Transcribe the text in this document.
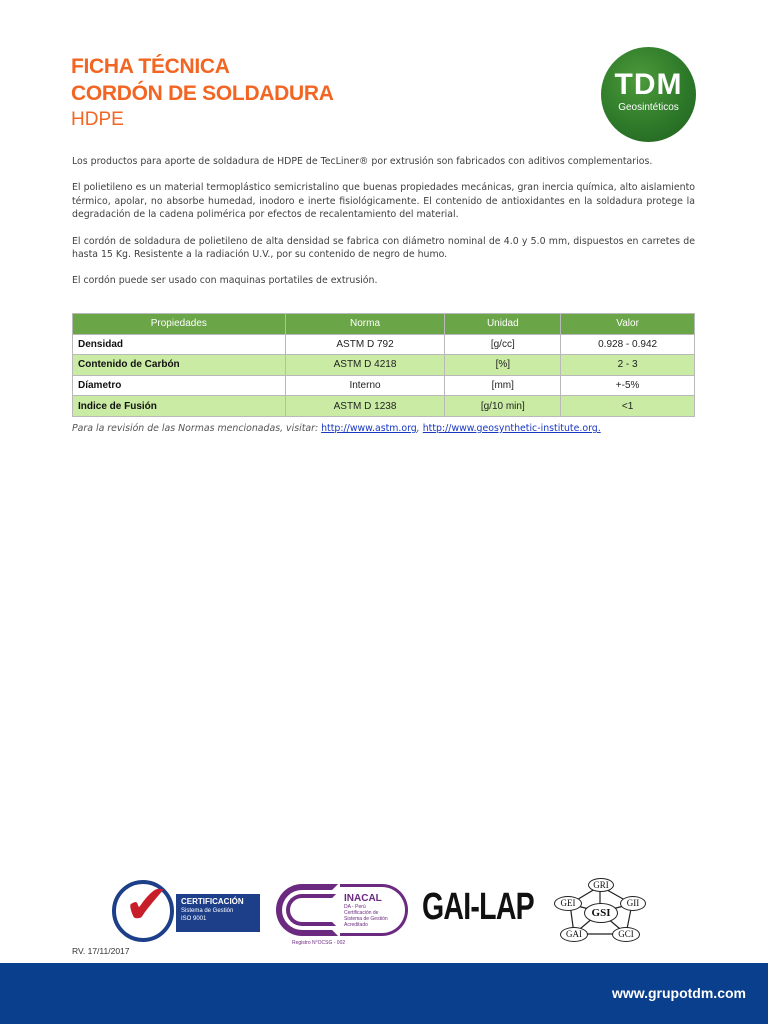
FICHA TÉCNICA
CORDÓN DE SOLDADURA
HDPE
TDM
Geosintéticos

Los productos para aporte de soldadura de HDPE de TecLiner® por extrusión son fabricados con aditivos complementarios.

El polietileno es un material termoplástico semicristalino que buenas propiedades mecánicas, gran inercia química, alto aislamiento térmico, apolar, no absorbe humedad, inodoro e inerte fisiológicamente. El contenido de antioxidantes en la soldadura protege la degradación de la cadena polimérica por efectos de recalentamiento del material.

El cordón de soldadura de polietileno de alta densidad se fabrica con diámetro nominal de 4.0 y 5.0 mm, dispuestos en carretes de hasta 15 Kg. Resistente a la radiación U.V., por su contenido de negro de humo.

El cordón puede ser usado con maquinas portatiles de extrusión.

Propiedades	Norma	Unidad	Valor
Densidad	ASTM D 792	[g/cc]	0.928 - 0.942
Contenido de Carbón	ASTM D 4218	[%]	2 - 3
Díametro	Interno	[mm]	+-5%
Indice de Fusión	ASTM D 1238	[g/10 min]	<1
Para la revisión de las Normas mencionadas, visitar: http://www.astm.org, http://www.geosynthetic-institute.org.
✔ CERTIFICACIÓN
Sistema de Gestión
ISO 9001
INACAL
DA - Perú
Certificación de
Sistema de Gestión
Acreditado
Registro N°OCSG - 002
GAI-LAP
GRI
GEI
GSI
GII
GAI	GCI
RV. 17/11/2017
www.grupotdm.com
